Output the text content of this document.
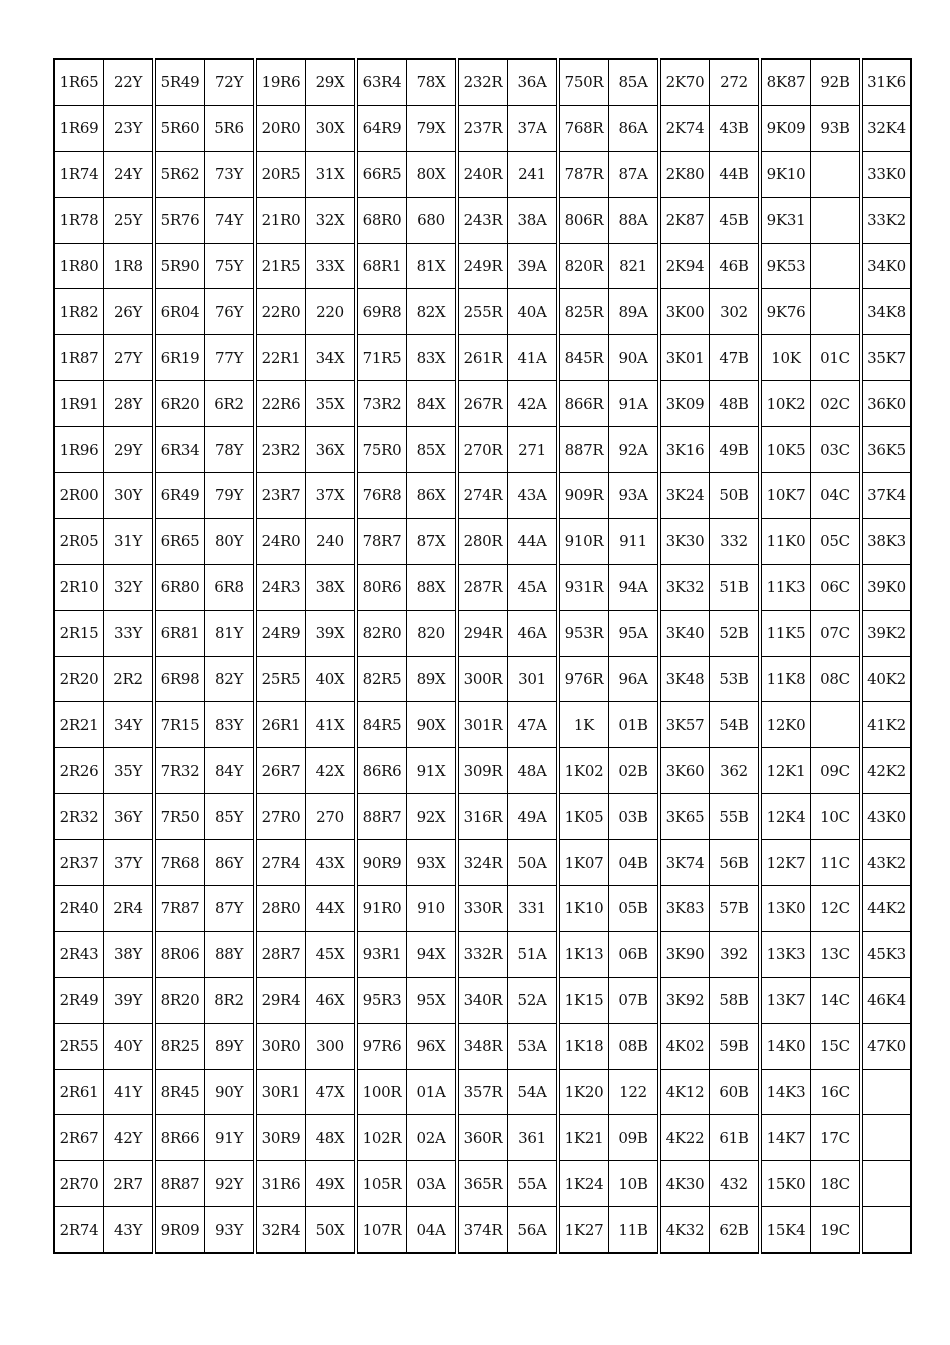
1R65	22Y	5R49	72Y	19R6	29X	63R4	78X	232R	36A	750R	85A	2K70	272	8K87	92B	31K6
1R69	23Y	5R60	5R6	20R0	30X	64R9	79X	237R	37A	768R	86A	2K74	43B	9K09	93B	32K4
1R74	24Y	5R62	73Y	20R5	31X	66R5	80X	240R	241	787R	87A	2K80	44B	9K10		33K0
1R78	25Y	5R76	74Y	21R0	32X	68R0	680	243R	38A	806R	88A	2K87	45B	9K31		33K2
1R80	1R8	5R90	75Y	21R5	33X	68R1	81X	249R	39A	820R	821	2K94	46B	9K53		34K0
1R82	26Y	6R04	76Y	22R0	220	69R8	82X	255R	40A	825R	89A	3K00	302	9K76		34K8
1R87	27Y	6R19	77Y	22R1	34X	71R5	83X	261R	41A	845R	90A	3K01	47B	10K	01C	35K7
1R91	28Y	6R20	6R2	22R6	35X	73R2	84X	267R	42A	866R	91A	3K09	48B	10K2	02C	36K0
1R96	29Y	6R34	78Y	23R2	36X	75R0	85X	270R	271	887R	92A	3K16	49B	10K5	03C	36K5
2R00	30Y	6R49	79Y	23R7	37X	76R8	86X	274R	43A	909R	93A	3K24	50B	10K7	04C	37K4
2R05	31Y	6R65	80Y	24R0	240	78R7	87X	280R	44A	910R	911	3K30	332	11K0	05C	38K3
2R10	32Y	6R80	6R8	24R3	38X	80R6	88X	287R	45A	931R	94A	3K32	51B	11K3	06C	39K0
2R15	33Y	6R81	81Y	24R9	39X	82R0	820	294R	46A	953R	95A	3K40	52B	11K5	07C	39K2
2R20	2R2	6R98	82Y	25R5	40X	82R5	89X	300R	301	976R	96A	3K48	53B	11K8	08C	40K2
2R21	34Y	7R15	83Y	26R1	41X	84R5	90X	301R	47A	1K	01B	3K57	54B	12K0		41K2
2R26	35Y	7R32	84Y	26R7	42X	86R6	91X	309R	48A	1K02	02B	3K60	362	12K1	09C	42K2
2R32	36Y	7R50	85Y	27R0	270	88R7	92X	316R	49A	1K05	03B	3K65	55B	12K4	10C	43K0
2R37	37Y	7R68	86Y	27R4	43X	90R9	93X	324R	50A	1K07	04B	3K74	56B	12K7	11C	43K2
2R40	2R4	7R87	87Y	28R0	44X	91R0	910	330R	331	1K10	05B	3K83	57B	13K0	12C	44K2
2R43	38Y	8R06	88Y	28R7	45X	93R1	94X	332R	51A	1K13	06B	3K90	392	13K3	13C	45K3
2R49	39Y	8R20	8R2	29R4	46X	95R3	95X	340R	52A	1K15	07B	3K92	58B	13K7	14C	46K4
2R55	40Y	8R25	89Y	30R0	300	97R6	96X	348R	53A	1K18	08B	4K02	59B	14K0	15C	47K0
2R61	41Y	8R45	90Y	30R1	47X	100R	01A	357R	54A	1K20	122	4K12	60B	14K3	16C	
2R67	42Y	8R66	91Y	30R9	48X	102R	02A	360R	361	1K21	09B	4K22	61B	14K7	17C	
2R70	2R7	8R87	92Y	31R6	49X	105R	03A	365R	55A	1K24	10B	4K30	432	15K0	18C	
2R74	43Y	9R09	93Y	32R4	50X	107R	04A	374R	56A	1K27	11B	4K32	62B	15K4	19C	
